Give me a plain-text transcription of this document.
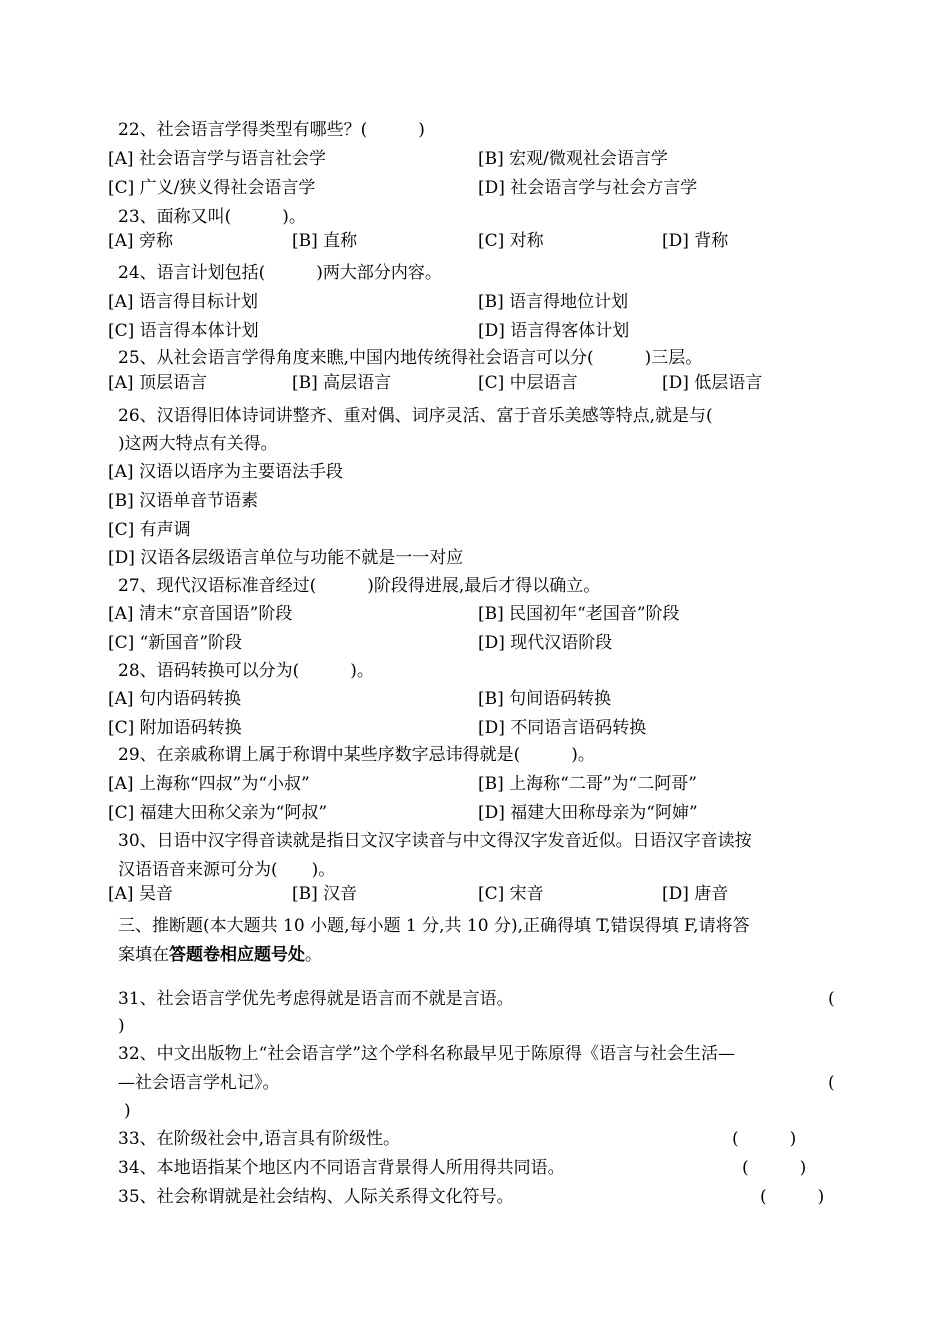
22、社会语言学得类型有哪些？(　　　)
[A] 社会语言学与语言社会学	[B] 宏观/微观社会语言学
[C] 广义/狭义得社会语言学	[D] 社会语言学与社会方言学
23、面称又叫(　　　)。
[A] 旁称	[B] 直称	[C] 对称	[D] 背称
24、语言计划包括(　　　)两大部分内容。
[A] 语言得目标计划	[B] 语言得地位计划
[C] 语言得本体计划	[D] 语言得客体计划
25、从社会语言学得角度来瞧,中国内地传统得社会语言可以分(　　　)三层。
[A] 顶层语言	[B] 高层语言	[C] 中层语言	[D] 低层语言
26、汉语得旧体诗词讲整齐、重对偶、词序灵活、富于音乐美感等特点,就是与(
)这两大特点有关得。
[A] 汉语以语序为主要语法手段
[B] 汉语单音节语素
[C] 有声调
[D] 汉语各层级语言单位与功能不就是一一对应
27、现代汉语标准音经过(　　　)阶段得进展,最后才得以确立。
[A] 清末“京音国语”阶段	[B] 民国初年“老国音”阶段
[C] “新国音”阶段	[D] 现代汉语阶段
28、语码转换可以分为(　　　)。
[A] 句内语码转换	[B] 句间语码转换
[C] 附加语码转换	[D] 不同语言语码转换
29、在亲戚称谓上属于称谓中某些序数字忌讳得就是(　　　)。
[A] 上海称“四叔”为“小叔”	[B] 上海称“二哥”为“二阿哥”
[C] 福建大田称父亲为“阿叔”	[D] 福建大田称母亲为“阿婶”
30、日语中汉字得音读就是指日文汉字读音与中文得汉字发音近似。日语汉字音读按
汉语语音来源可分为(　　)。
[A] 吴音	[B] 汉音	[C] 宋音	[D] 唐音
三、推断题(本大题共 10 小题,每小题 1 分,共 10 分),正确得填 T,错误得填 F,请将答
案填在答题卷相应题号处。
31、社会语言学优先考虑得就是语言而不就是言语。	(
)
32、中文出版物上“社会语言学”这个学科名称最早见于陈原得《语言与社会生活—
—社会语言学札记》。	(
)
33、在阶级社会中,语言具有阶级性。	(　　　)
34、本地语指某个地区内不同语言背景得人所用得共同语。	(　　　)
35、社会称谓就是社会结构、人际关系得文化符号。	(　　　)
